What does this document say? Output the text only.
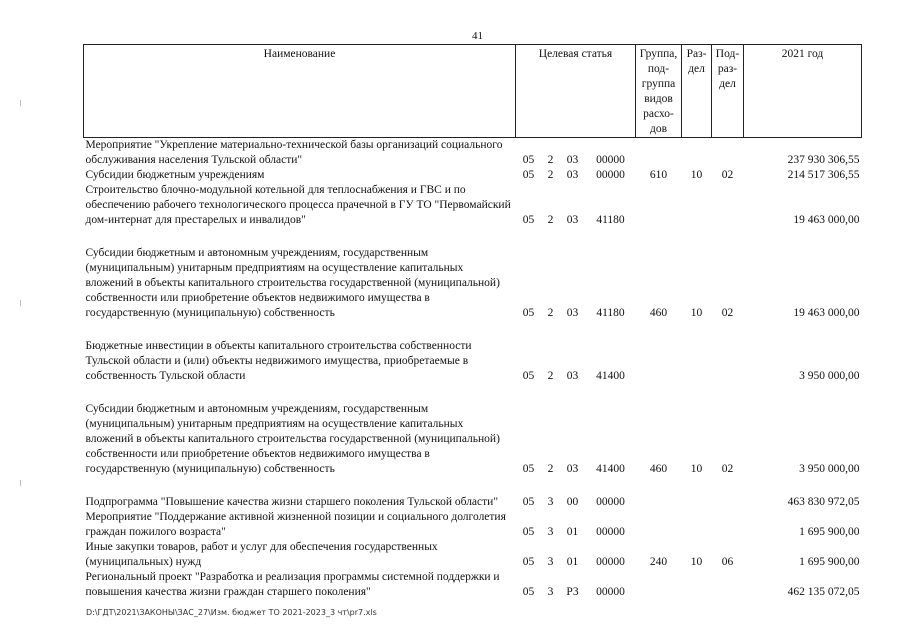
41
Наименование	Целевая статья				Группа, под- группа видов расхо- дов	Раз- дел	Под- раз- дел	2021 год
Мероприятие "Укрепление материально-технической базы организаций социального обслуживания населения Тульской области"	05	2	03	00000				237 930 306,55
Субсидии бюджетным учреждениям	05	2	03	00000	610	10	02	214 517 306,55
Строительство блочно-модульной котельной для теплоснабжения и ГВС и по обеспечению рабочего технологического процесса прачечной в ГУ ТО "Первомайский дом-интернат для престарелых и инвалидов"	05	2	03	41180				19 463 000,00

Субсидии бюджетным и автономным учреждениям, государственным (муниципальным) унитарным предприятиям на осуществление капитальных вложений в объекты капитального строительства государственной (муниципальной) собственности или приобретение объектов недвижимого имущества в государственную (муниципальную) собственность	05	2	03	41180	460	10	02	19 463 000,00

Бюджетные инвестиции в объекты капитального строительства собственности Тульской области и (или) объекты недвижимого имущества, приобретаемые в собственность Тульской области	05	2	03	41400				3 950 000,00

Субсидии бюджетным и автономным учреждениям, государственным (муниципальным) унитарным предприятиям на осуществление капитальных вложений в объекты капитального строительства государственной (муниципальной) собственности или приобретение объектов недвижимого имущества в государственную (муниципальную) собственность	05	2	03	41400	460	10	02	3 950 000,00

Подпрограмма "Повышение качества жизни старшего поколения Тульской области"	05	3	00	00000				463 830 972,05
Мероприятие "Поддержание активной жизненной позиции и социального долголетия граждан пожилого возраста"	05	3	01	00000				1 695 900,00
Иные закупки товаров, работ и услуг для обеспечения государственных (муниципальных) нужд	05	3	01	00000	240	10	06	1 695 900,00
Региональный проект "Разработка и реализация программы системной поддержки и повышения качества жизни граждан старшего поколения"	05	3	Р3	00000				462 135 072,05
D:\ГДТ\2021\ЗАКОНЫ\ЗАС_27\Изм. бюджет ТО 2021-2023_3 чт\pr7.xls
